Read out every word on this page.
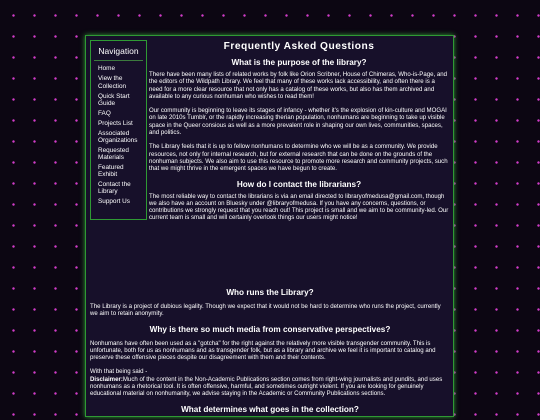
Navigation
Home
View the Collection
Quick Start Guide
FAQ
Projects List
Associated Organizations
Requested Materials
Featured Exhibit
Contact the Library
Support Us
Frequently Asked Questions
What is the purpose of the library?

There have been many lists of related works by folk like Orion Scribner, House of Chimeras, Who-is-Page, and the editors of the Wildpath Library. We feel that many of these works lack accessibility, and often there is a need for a more clear resource that not only has a catalog of these works, but also has them archived and available to any curious nonhuman who wishes to read them!

Our community is beginning to leave its stages of infancy - whether it's the explosion of kin-culture and MOGAI on late 2010s Tumblr, or the rapidly increasing therian population, nonhumans are beginning to take up visible space in the Queer consious as well as a more prevalent role in shaping our own lives, communities, spaces, and politics.

The Library feels that it is up to fellow nonhumans to determine who we will be as a community. We provide resources, not only for internal research, but for external research that can be done on the grounds of the nonhuman subjects. We also aim to use this resource to promote more research and community projects, such that we might thrive in the emergent spaces we have begun to create.

How do I contact the librarians?

The most reliable way to contact the librarians is via an email directed to libraryofmedusa@gmail.com, though we also have an account on Bluesky under @libraryofmedusa. If you have any concerns, questions, or contributions we strongly request that you reach out! This project is small and we aim to be community-led. Our current team is small and will certainly overlook things our users might notice!

Who runs the Library?

The Library is a project of dubious legality. Though we expect that it would not be hard to determine who runs the project, currently we aim to retain anonymity.

Why is there so much media from conservative perspectives?

Nonhumans have often been used as a "gotcha" for the right against the relatively more visible transgender community. This is unfortunate, both for us as nonhumans and as transgender folk, but as a library and archive we feel it is important to catalog and preserve these offensive pieces despite our disagreement with them and their contents.

With that being said -

Disclaimer:Much of the content in the Non-Academic Publications section comes from right-wing journalists and pundits, and uses nonhumans as a rhetorical tool. It is often offensive, harmful, and sometimes outright violent. If you are looking for genuinely educational material on nonhumanity, we advise staying in the Academic or Community Publications sections.

What determines what goes in the collection?
